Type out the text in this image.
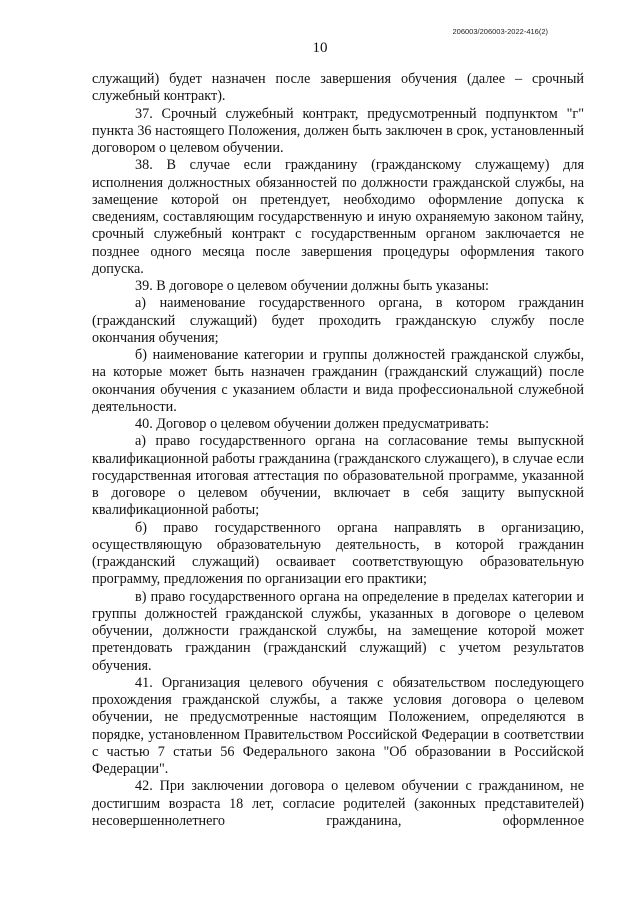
206003/206003-2022-416(2)
10

служащий) будет назначен после завершения обучения (далее – срочный служебный контракт).

37. Срочный служебный контракт, предусмотренный подпунктом "г" пункта 36 настоящего Положения, должен быть заключен в срок, установленный договором о целевом обучении.

38. В случае если гражданину (гражданскому служащему) для исполнения должностных обязанностей по должности гражданской службы, на замещение которой он претендует, необходимо оформление допуска к сведениям, составляющим государственную и иную охраняемую законом тайну, срочный служебный контракт с государственным органом заключается не позднее одного месяца после завершения процедуры оформления такого допуска.

39. В договоре о целевом обучении должны быть указаны:

а) наименование государственного органа, в котором гражданин (гражданский служащий) будет проходить гражданскую службу после окончания обучения;

б) наименование категории и группы должностей гражданской службы, на которые может быть назначен гражданин (гражданский служащий) после окончания обучения с указанием области и вида профессиональной служебной деятельности.

40. Договор о целевом обучении должен предусматривать:

а) право государственного органа на согласование темы выпускной квалификационной работы гражданина (гражданского служащего), в случае если государственная итоговая аттестация по образовательной программе, указанной в договоре о целевом обучении, включает в себя защиту выпускной квалификационной работы;

б) право государственного органа направлять в организацию, осуществляющую образовательную деятельность, в которой гражданин (гражданский служащий) осваивает соответствующую образовательную программу, предложения по организации его практики;

в) право государственного органа на определение в пределах категории и группы должностей гражданской службы, указанных в договоре о целевом обучении, должности гражданской службы, на замещение которой может претендовать гражданин (гражданский служащий) с учетом результатов обучения.

41. Организация целевого обучения с обязательством последующего прохождения гражданской службы, а также условия договора о целевом обучении, не предусмотренные настоящим Положением, определяются в порядке, установленном Правительством Российской Федерации в соответствии с частью 7 статьи 56 Федерального закона "Об образовании в Российской Федерации".

42. При заключении договора о целевом обучении с гражданином, не достигшим возраста 18 лет, согласие родителей (законных представителей) несовершеннолетнего гражданина, оформленное
